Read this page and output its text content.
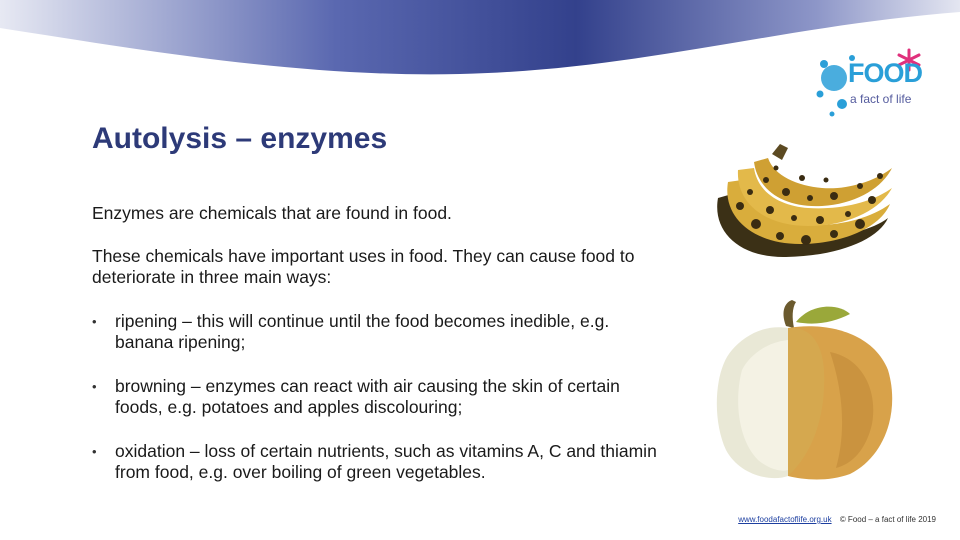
FOOD
a fact of life
Autolysis – enzymes

Enzymes are chemicals that are found in food.

These chemicals have important uses in food. They can cause food to deteriorate in three main ways:

• ripening – this will continue until the food becomes inedible, e.g. banana ripening;
• browning – enzymes can react with air causing the skin of certain foods, e.g. potatoes and apples discolouring;
• oxidation – loss of certain nutrients, such as vitamins A, C and thiamin from food, e.g. over boiling of green vegetables.
www.foodafactoflife.org.uk © Food – a fact of life 2019
